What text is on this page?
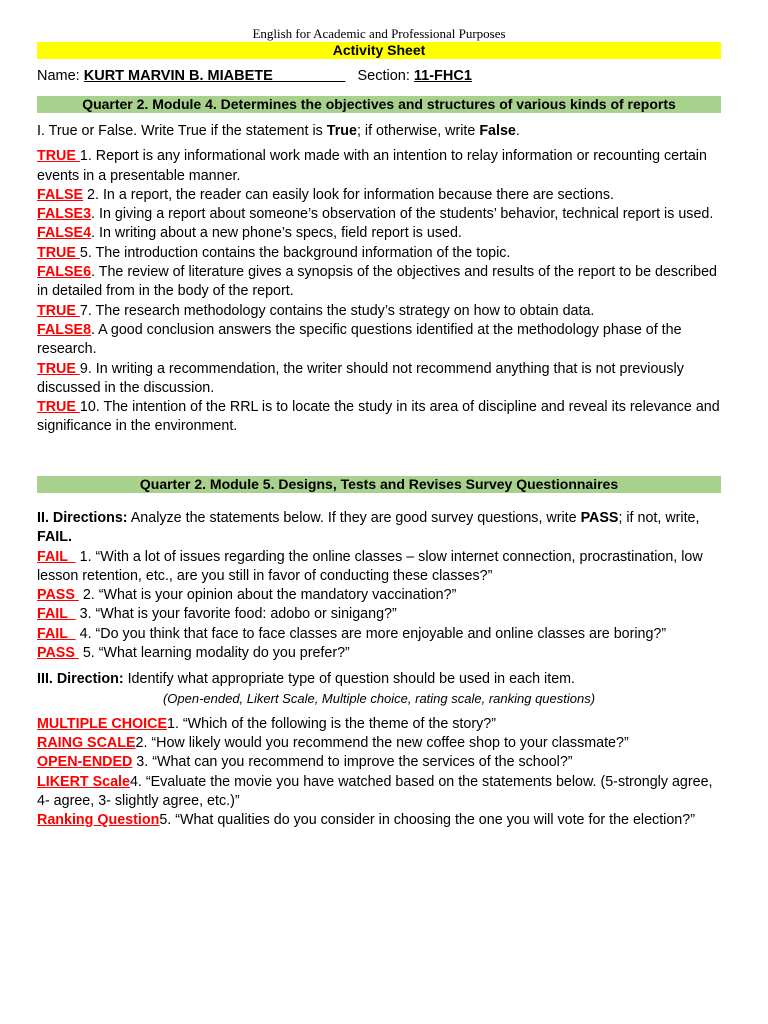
English for Academic and Professional Purposes
Activity Sheet
Name: KURT MARVIN B. MIABETE_________ Section: 11-FHC1
Quarter 2. Module 4. Determines the objectives and structures of various kinds of reports

I. True or False. Write True if the statement is True; if otherwise, write False.

TRUE 1. Report is any informational work made with an intention to relay information or recounting certain events in a presentable manner.

FALSE 2. In a report, the reader can easily look for information because there are sections.

FALSE3. In giving a report about someone’s observation of the students’ behavior, technical report is used.

FALSE4. In writing about a new phone’s specs, field report is used.

TRUE 5. The introduction contains the background information of the topic.

FALSE6. The review of literature gives a synopsis of the objectives and results of the report to be described in detailed from in the body of the report.

TRUE 7. The research methodology contains the study’s strategy on how to obtain data.

FALSE8. A good conclusion answers the specific questions identified at the methodology phase of the research.

TRUE 9. In writing a recommendation, the writer should not recommend anything that is not previously discussed in the discussion.

TRUE 10. The intention of the RRL is to locate the study in its area of discipline and reveal its relevance and significance in the environment.

Quarter 2. Module 5. Designs, Tests and Revises Survey Questionnaires

II. Directions: Analyze the statements below. If they are good survey questions, write PASS; if not, write, FAIL.

FAIL   1. “With a lot of issues regarding the online classes – slow internet connection, procrastination, low lesson retention, etc., are you still in favor of conducting these classes?”

PASS  2. “What is your opinion about the mandatory vaccination?”

FAIL   3. “What is your favorite food: adobo or sinigang?”

FAIL   4. “Do you think that face to face classes are more enjoyable and online classes are boring?”

PASS  5. “What learning modality do you prefer?”

III. Direction: Identify what appropriate type of question should be used in each item.

(Open-ended, Likert Scale, Multiple choice, rating scale, ranking questions)

MULTIPLE CHOICE1. “Which of the following is the theme of the story?”

RAING SCALE2. “How likely would you recommend the new coffee shop to your classmate?”

OPEN-ENDED 3. “What can you recommend to improve the services of the school?”

LIKERT Scale4. “Evaluate the movie you have watched based on the statements below. (5-strongly agree, 4- agree, 3- slightly agree, etc.)”

Ranking Question5. “What qualities do you consider in choosing the one you will vote for the election?”
